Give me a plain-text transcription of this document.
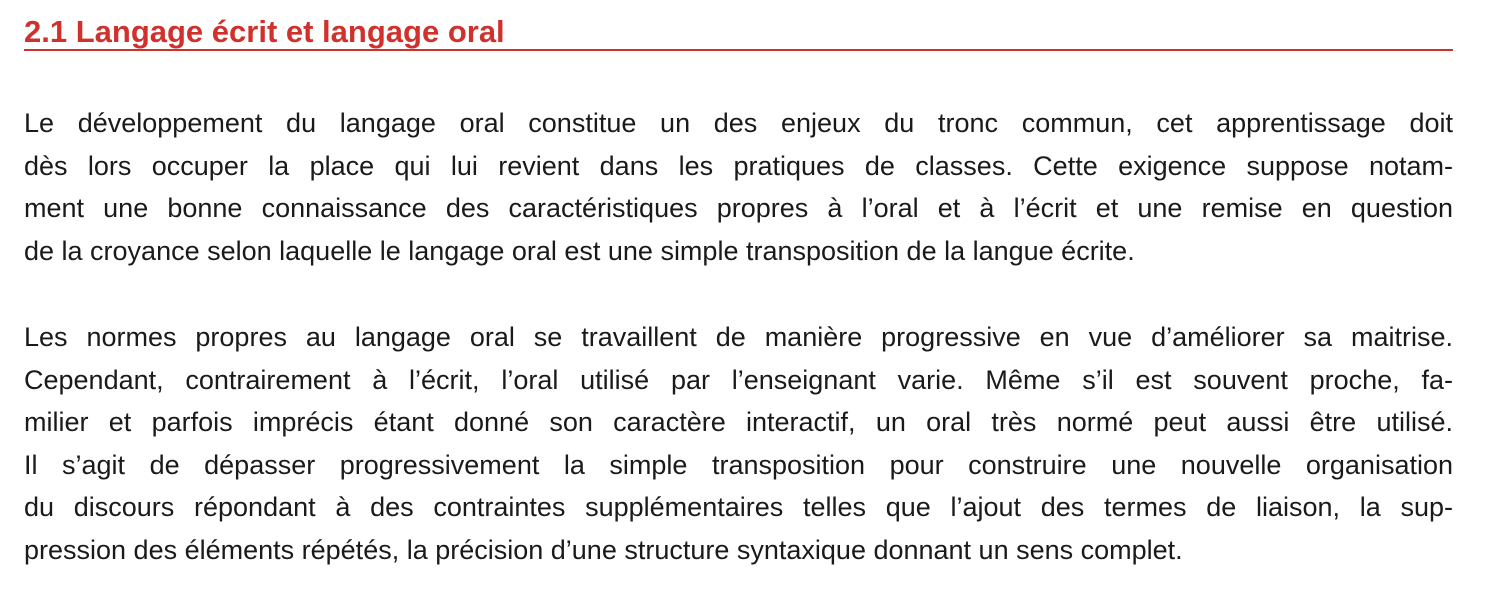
2.1 Langage écrit et langage oral
Le développement du langage oral constitue un des enjeux du tronc commun, cet apprentissage doit
dès lors occuper la place qui lui revient dans les pratiques de classes. Cette exigence suppose notam-
ment une bonne connaissance des caractéristiques propres à l’oral et à l’écrit et une remise en question
de la croyance selon laquelle le langage oral est une simple transposition de la langue écrite.
Les normes propres au langage oral se travaillent de manière progressive en vue d’améliorer sa maitrise.
Cependant, contrairement à l’écrit, l’oral utilisé par l’enseignant varie. Même s’il est souvent proche, fa-
milier et parfois imprécis étant donné son caractère interactif, un oral très normé peut aussi être utilisé.
Il s’agit de dépasser progressivement la simple transposition pour construire une nouvelle organisation
du discours répondant à des contraintes supplémentaires telles que l’ajout des termes de liaison, la sup-
pression des éléments répétés, la précision d’une structure syntaxique donnant un sens complet.
